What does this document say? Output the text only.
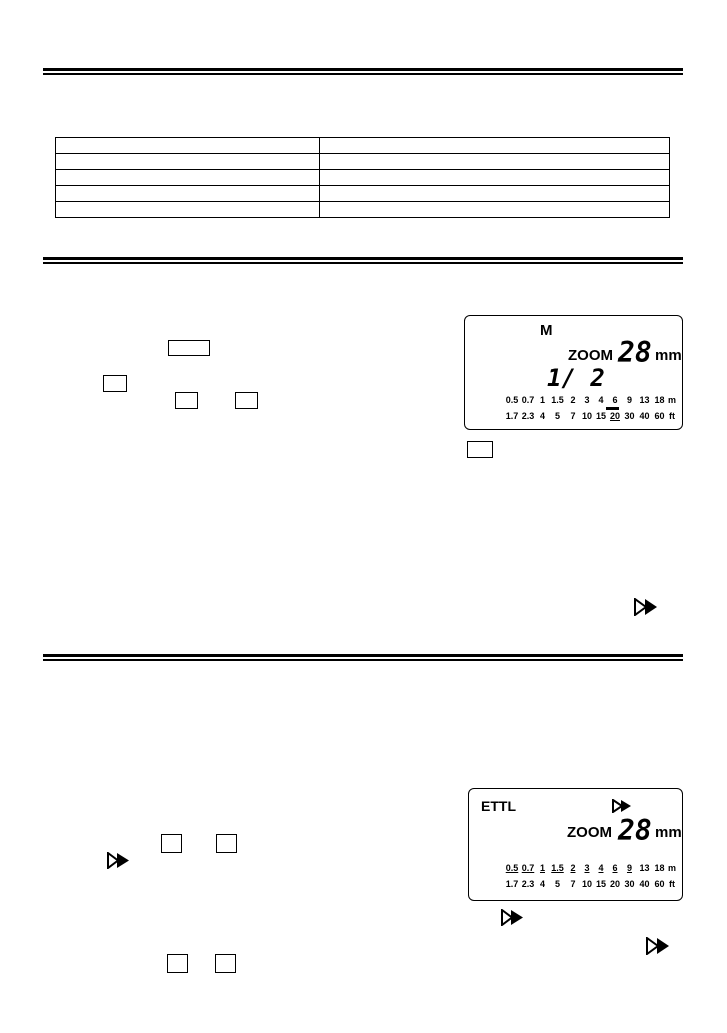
M
ZOOM 28 mm
1/ 2
0.5 0.7 1 1.5 2 3 4 6	9 13 18 m
1.7 2.3 4	5	7 10 15 20 30 40 60 ft
ETTL
ZOOM 28 mm
0.5 0.7 1 1.5 2 3 4 6	9 13 18 m
1.7 2.3 4	5	7 10 15 20 30 40 60 ft
